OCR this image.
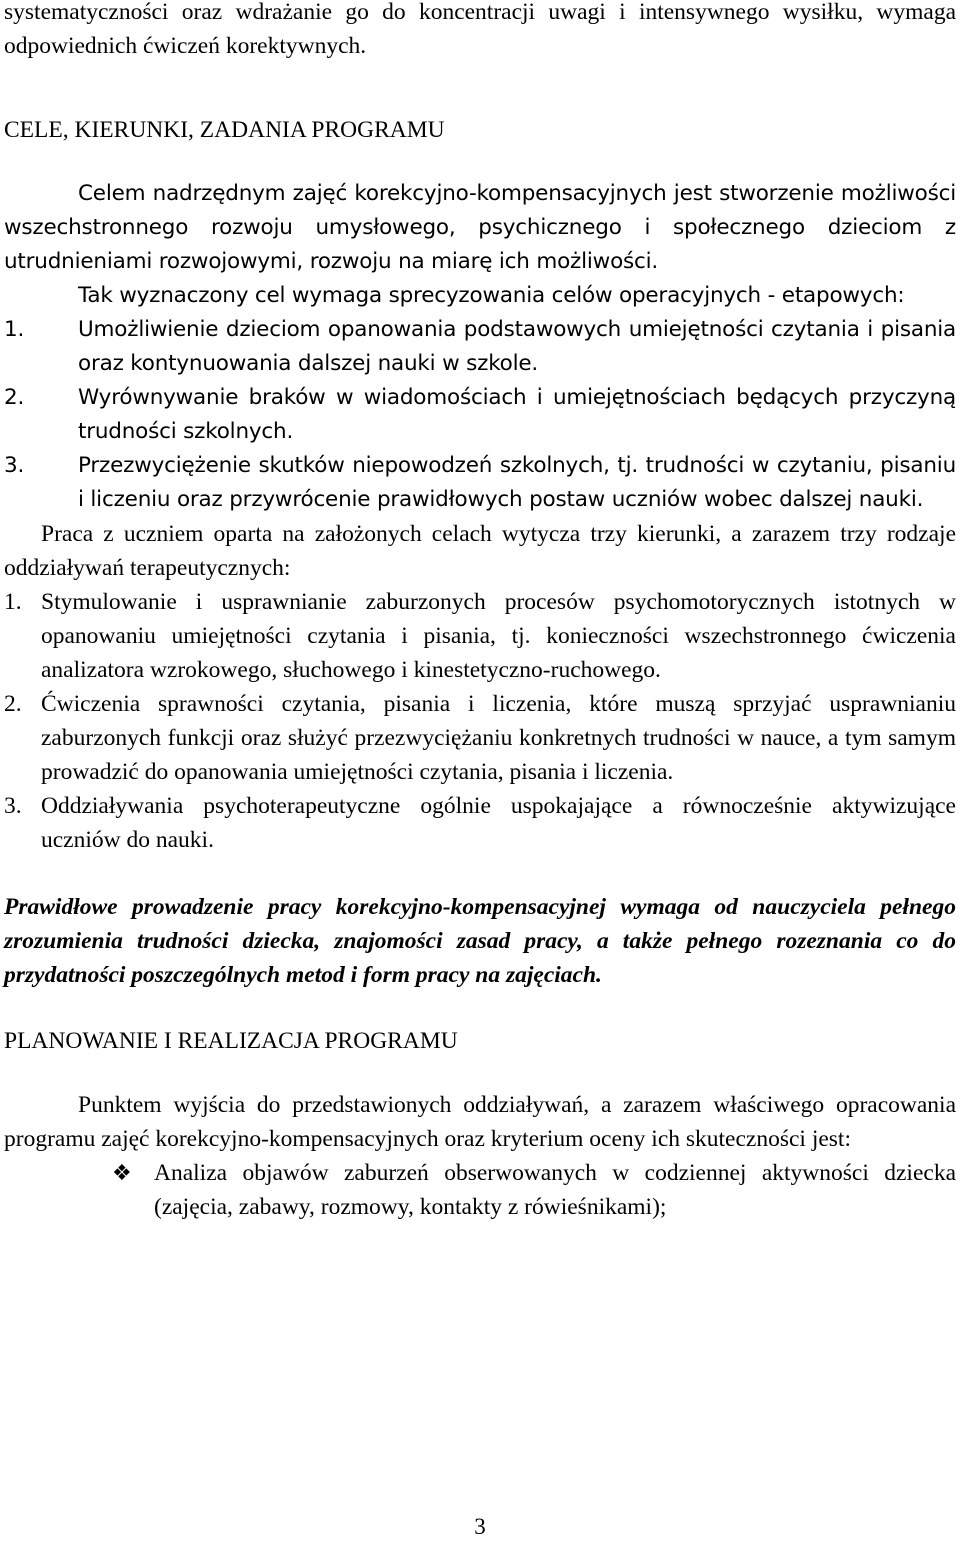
systematyczności oraz wdrażanie go do koncentracji uwagi i intensywnego wysiłku, wymaga odpowiednich ćwiczeń korektywnych.

CELE, KIERUNKI, ZADANIA PROGRAMU

Celem nadrzędnym zajęć korekcyjno-kompensacyjnych jest stworzenie możliwości wszechstronnego rozwoju umysłowego, psychicznego i społecznego dzieciom z utrudnieniami rozwojowymi, rozwoju na miarę ich możliwości.

Tak wyznaczony cel wymaga sprecyzowania celów operacyjnych - etapowych:

1.	Umożliwienie dzieciom opanowania podstawowych umiejętności czytania i pisania oraz kontynuowania dalszej nauki w szkole.
2.	Wyrównywanie braków w wiadomościach i umiejętnościach będących przyczyną trudności szkolnych.
3.	Przezwyciężenie skutków niepowodzeń szkolnych, tj. trudności w czytaniu, pisaniu i liczeniu oraz przywrócenie prawidłowych postaw uczniów wobec dalszej nauki.

Praca z uczniem oparta na założonych celach wytycza trzy kierunki, a zarazem trzy rodzaje oddziaływań terapeutycznych:

1. Stymulowanie i usprawnianie zaburzonych procesów psychomotorycznych istotnych w opanowaniu umiejętności czytania i pisania, tj. konieczności wszechstronnego ćwiczenia analizatora wzrokowego, słuchowego i kinestetyczno-ruchowego.
2. Ćwiczenia sprawności czytania, pisania i liczenia, które muszą sprzyjać usprawnianiu zaburzonych funkcji oraz służyć przezwyciężaniu konkretnych trudności w nauce, a tym samym prowadzić do opanowania umiejętności czytania, pisania i liczenia.
3. Oddziaływania psychoterapeutyczne ogólnie uspokajające a równocześnie aktywizujące uczniów do nauki.

Prawidłowe prowadzenie pracy korekcyjno-kompensacyjnej wymaga od nauczyciela pełnego zrozumienia trudności dziecka, znajomości zasad pracy, a także pełnego rozeznania co do przydatności poszczególnych metod i form pracy na zajęciach.

PLANOWANIE I REALIZACJA PROGRAMU

Punktem wyjścia do przedstawionych oddziaływań, a zarazem właściwego opracowania programu zajęć korekcyjno-kompensacyjnych oraz kryterium oceny ich skuteczności jest:

❖ Analiza objawów zaburzeń obserwowanych w codziennej aktywności dziecka (zajęcia, zabawy, rozmowy, kontakty z rówieśnikami);
3
